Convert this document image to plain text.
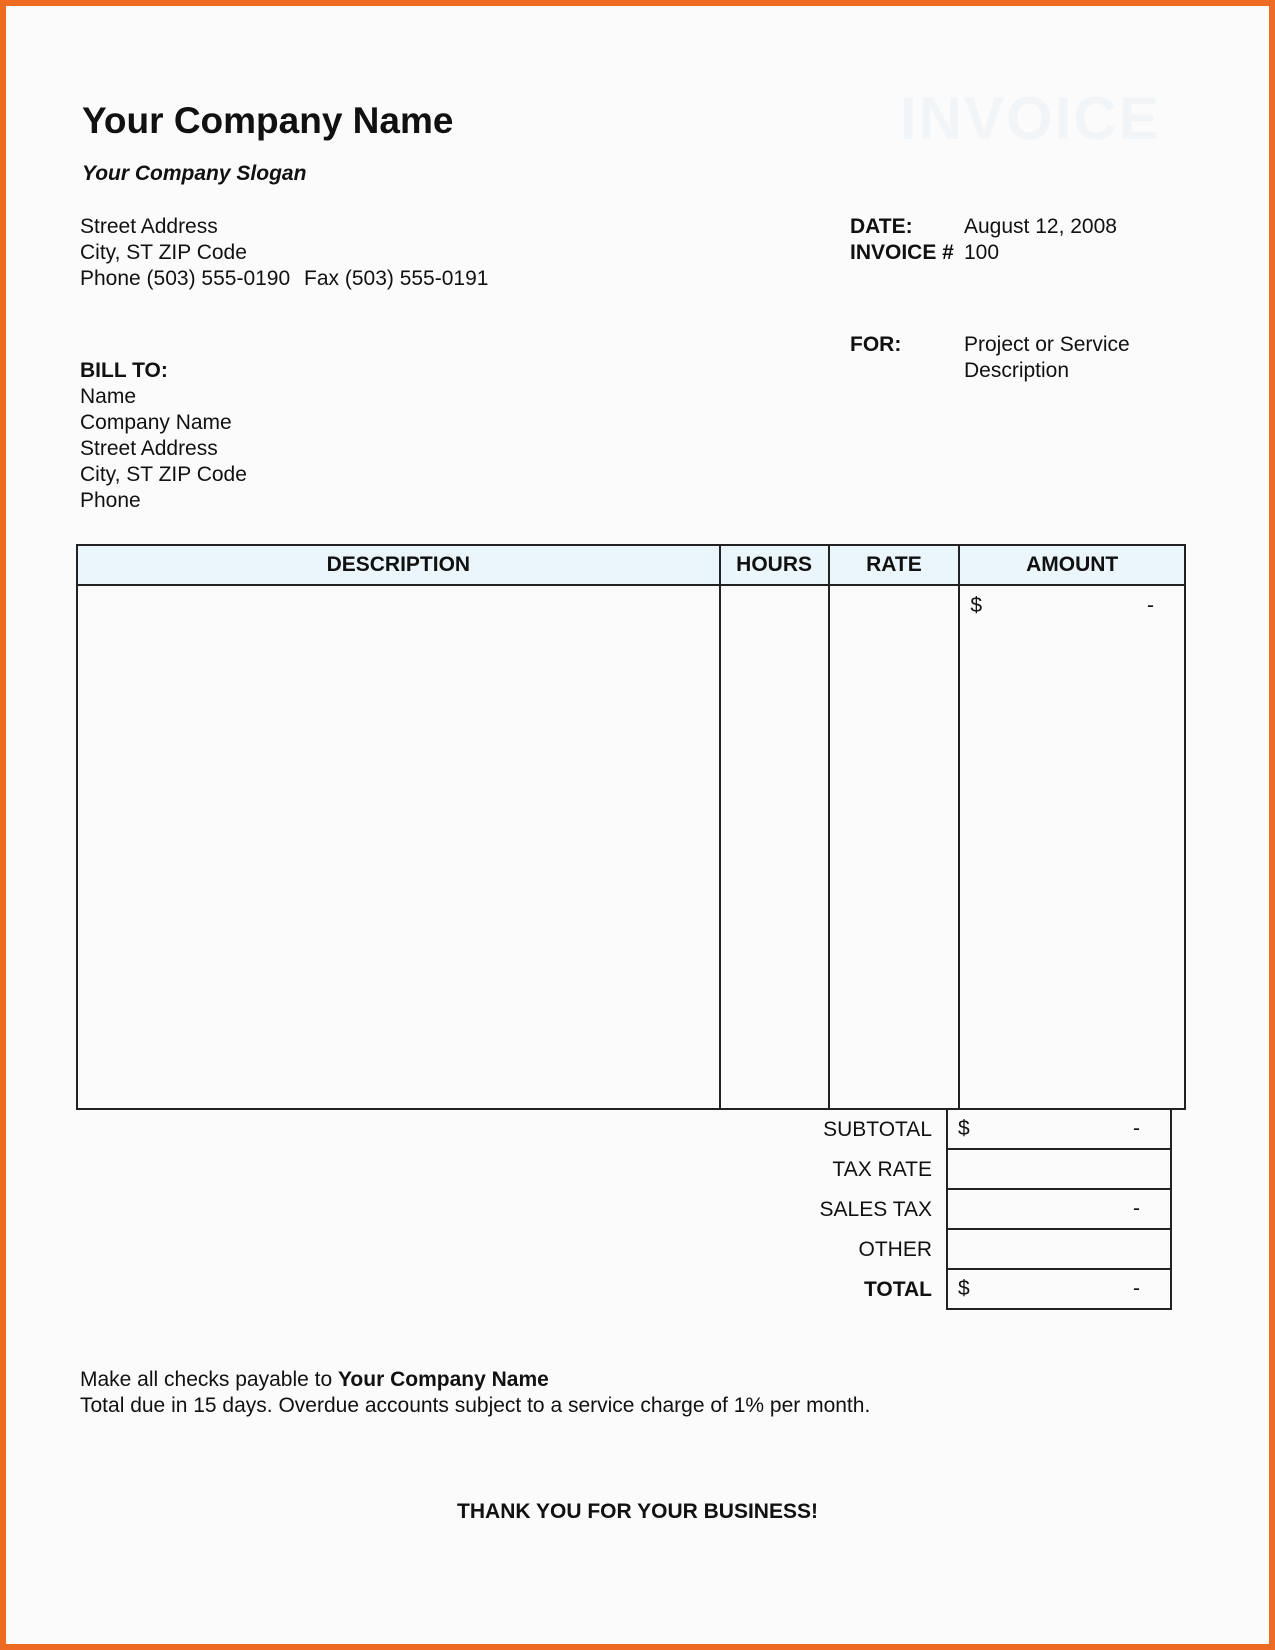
INVOICE
Your Company Name
Your Company Slogan
Street Address
City, ST ZIP Code
Phone (503) 555-0190 Fax (503) 555-0191
DATE: August 12, 2008
INVOICE # 100
FOR:	Project or Service
Description
BILL TO:
Name
Company Name
Street Address
City, ST ZIP Code
Phone
DESCRIPTION	HOURS	RATE	AMOUNT

			$ -
SUBTOTAL	$	-
TAX RATE
SALES TAX	-
OTHER
TOTAL	$	-
Make all checks payable to Your Company Name
Total due in 15 days. Overdue accounts subject to a service charge of 1% per month.
THANK YOU FOR YOUR BUSINESS!
